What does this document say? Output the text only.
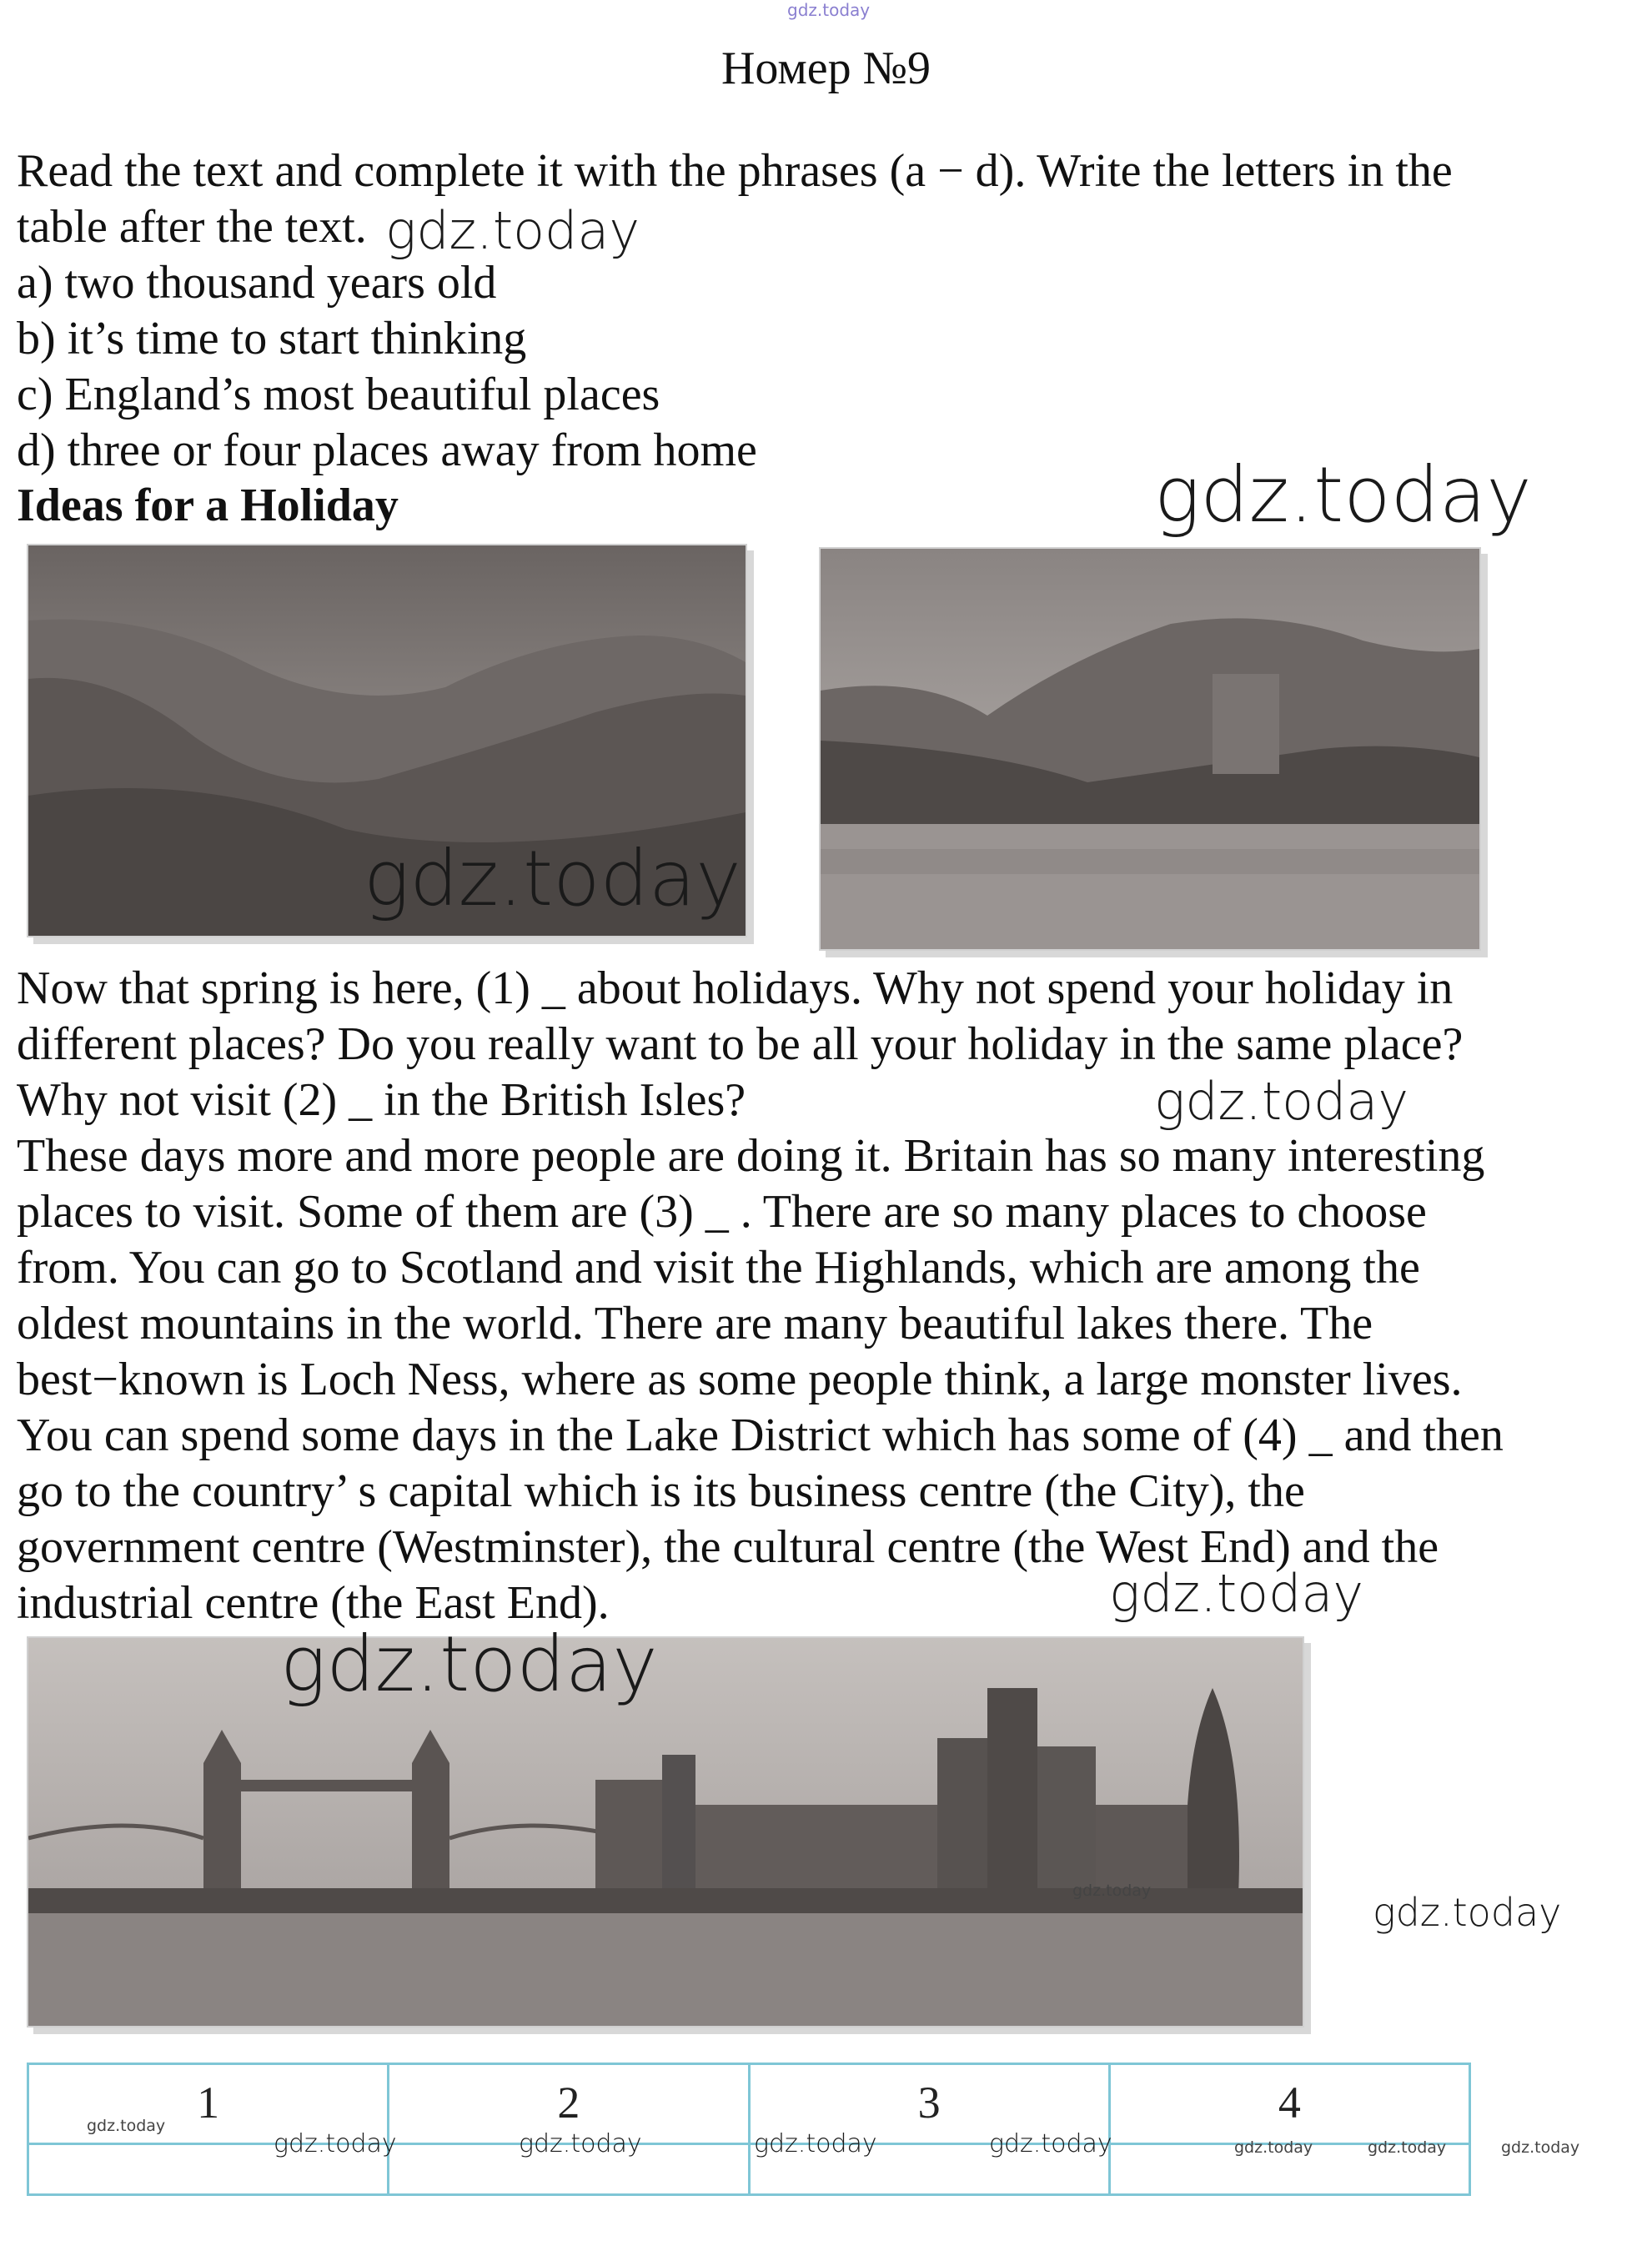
gdz.today
Номер №9
Read the text and complete it with the phrases (a − d). Write the letters in the
table after the text. gdz.today
a) two thousand years old
b) it’s time to start thinking
c) England’s most beautiful places
d) three or four places away from home
Ideas for a Holiday	gdz.today
gdz.today
Now that spring is here, (1) _ about holidays. Why not spend your holiday in
different places? Do you really want to be all your holiday in the same place?
Why not visit (2) _ in the British Isles?	gdz.today
These days more and more people are doing it. Britain has so many interesting
places to visit. Some of them are (3) _ . There are so many places to choose
from. You can go to Scotland and visit the Highlands, which are among the
oldest mountains in the world. There are many beautiful lakes there. The
best−known is Loch Ness, where as some people think, a large monster lives.
You can spend some days in the Lake District which has some of (4) _ and then
go to the country’ s capital which is its business centre (the City), the
government centre (Westminster), the cultural centre (the West End) and the
industrial centre (the East End).	gdz.today
gdz.today
gdz.today	gdz.today
1	2	3	4

gdz.today
gdz.today	gdz.today	gdz.today	gdz.today	gdz.today	gdz.today	gdz.today
